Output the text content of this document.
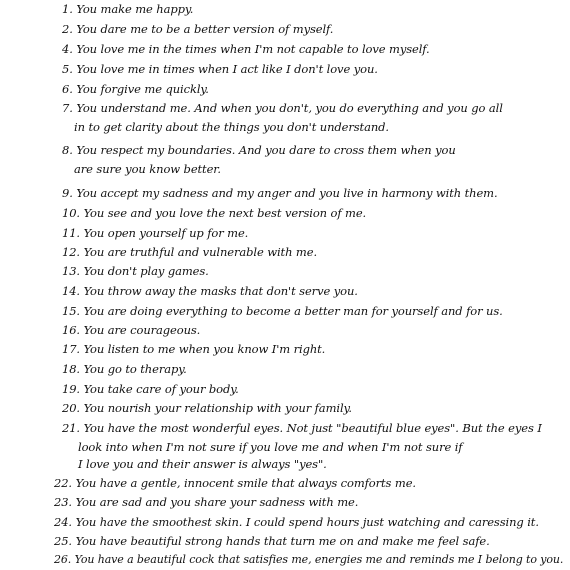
1. You make me happy.
2. You dare me to be a better version of myself.
4. You love me in the times when I'm not capable to love myself.
5. You love me in times when I act like I don't love you.
6. You forgive me quickly.
7. You understand me. And when you don't, you do everything and you go all
in to get clarity about the things you don't understand.
8. You respect my boundaries. And you dare to cross them when you
are sure you know better.
9. You accept my sadness and my anger and you live in harmony with them.
10. You see and you love the next best version of me.
11. You open yourself up for me.
12. You are truthful and vulnerable with me.
13. You don't play games.
14. You throw away the masks that don't serve you.
15. You are doing everything to become a better man for yourself and for us.
16. You are courageous.
17. You listen to me when you know I'm right.
18. You go to therapy.
19. You take care of your body.
20. You nourish your relationship with your family.
21. You have the most wonderful eyes. Not just "beautiful blue eyes". But the eyes I
look into when I'm not sure if you love me and when I'm not sure if
I love you and their answer is always "yes".
22. You have a gentle, innocent smile that always comforts me.
23. You are sad and you share your sadness with me.
24. You have the smoothest skin. I could spend hours just watching and caressing it.
25. You have beautiful strong hands that turn me on and make me feel safe.
26. You have a beautiful cock that satisfies me, energies me and reminds me I belong to you.
